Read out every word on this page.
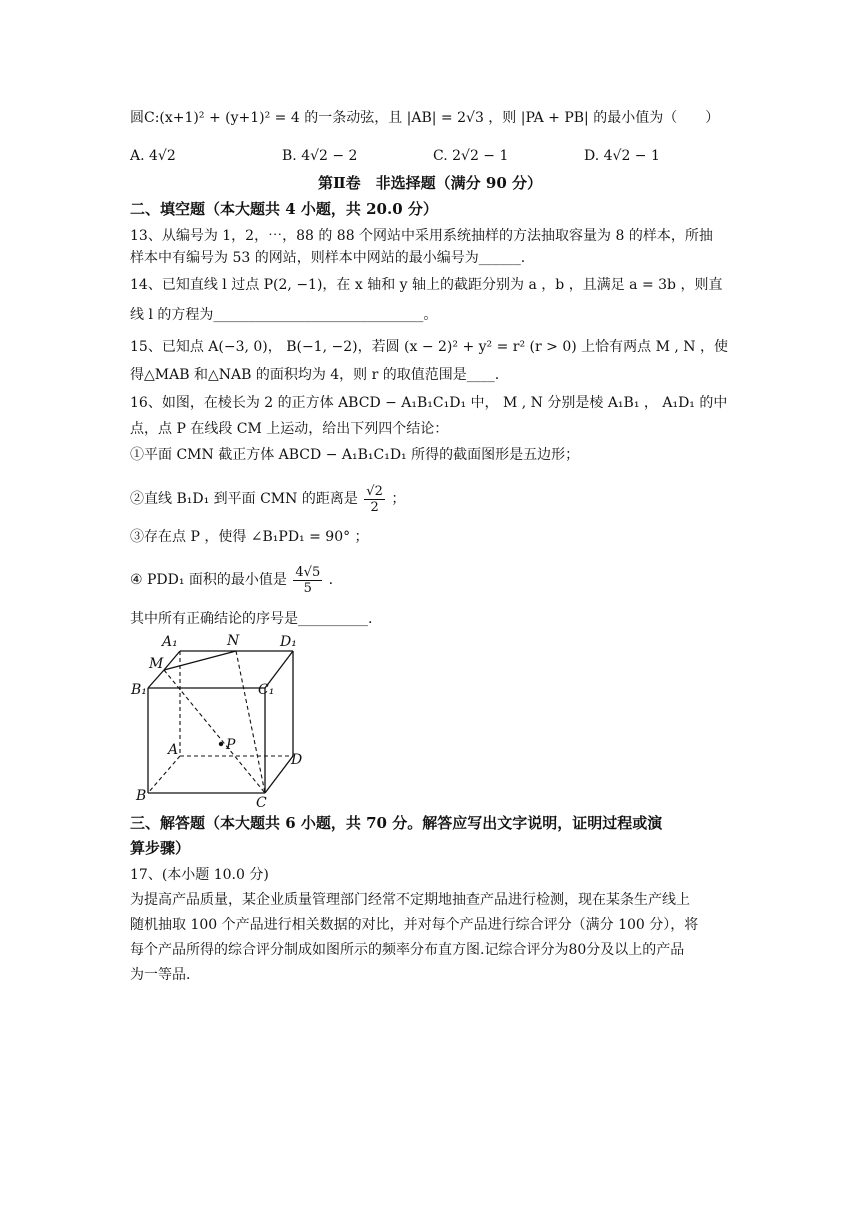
圆C:(x+1)² + (y+1)² = 4 的一条动弦，且 |AB| = 2√3 ，则 |PA + PB| 的最小值为（　　）
A. 4√2	B. 4√2 − 2	C. 2√2 − 1	D. 4√2 − 1
第Ⅱ卷　非选择题（满分 90 分）
二、填空题（本大题共 4 小题，共 20.0 分）
13、从编号为 1，2，⋯，88 的 88 个网站中采用系统抽样的方法抽取容量为 8 的样本，所抽
样本中有编号为 53 的网站，则样本中网站的最小编号为______.
14、已知直线 l 过点 P(2, −1)，在 x 轴和 y 轴上的截距分别为 a ，b ，且满足 a = 3b ，则直
线 l 的方程为______________________________。
15、已知点 A(−3, 0)， B(−1, −2)，若圆 (x − 2)² + y² = r² (r > 0) 上恰有两点 M , N ，使
得△MAB 和△NAB 的面积均为 4，则 r 的取值范围是____.
16、如图，在棱长为 2 的正方体 ABCD − A₁B₁C₁D₁ 中， M , N 分别是棱 A₁B₁ ， A₁D₁ 的中
点，点 P 在线段 CM 上运动，给出下列四个结论：
①平面 CMN 截正方体 ABCD − A₁B₁C₁D₁ 所得的截面图形是五边形；
②直线 B₁D₁ 到平面 CMN 的距离是 $\frac{√2}{2}$ ；
③存在点 P ，使得 ∠B₁PD₁ = 90° ；
④ PDD₁ 面积的最小值是 $\frac{4√5}{5}$ .
其中所有正确结论的序号是__________.
A₁	N	D₁
M
B₁	C₁
A	P
D
B	C
三、解答题（本大题共 6 小题，共 70 分。解答应写出文字说明，证明过程或演
算步骤）
17、(本小题 10.0 分)
为提高产品质量，某企业质量管理部门经常不定期地抽查产品进行检测，现在某条生产线上
随机抽取 100 个产品进行相关数据的对比，并对每个产品进行综合评分（满分 100 分），将
每个产品所得的综合评分制成如图所示的频率分布直方图.记综合评分为80分及以上的产品
为一等品.
